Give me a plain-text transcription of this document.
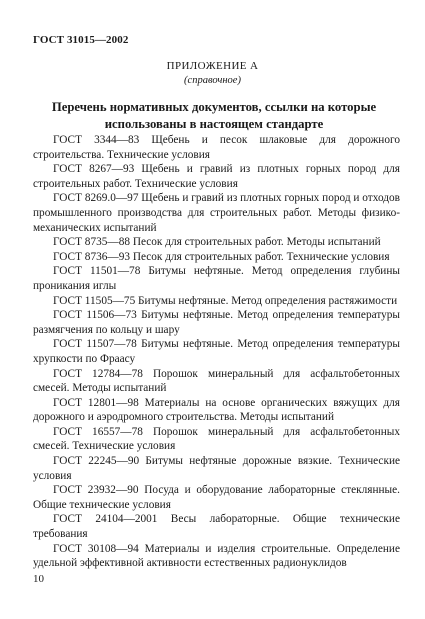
ГОСТ 31015—2002
ПРИЛОЖЕНИЕ А
(справочное)
Перечень нормативных документов, ссылки на которые использованы в настоящем стандарте

ГОСТ 3344—83 Щебень и песок шлаковые для дорожного строительства. Технические условия

ГОСТ 8267—93 Щебень и гравий из плотных горных пород для строительных работ. Технические условия

ГОСТ 8269.0—97 Щебень и гравий из плотных горных пород и отходов промышленного производства для строительных работ. Методы физико-механических испытаний

ГОСТ 8735—88 Песок для строительных работ. Методы испытаний

ГОСТ 8736—93 Песок для строительных работ. Технические условия

ГОСТ 11501—78 Битумы нефтяные. Метод определения глубины проникания иглы

ГОСТ 11505—75 Битумы нефтяные. Метод определения растяжимости

ГОСТ 11506—73 Битумы нефтяные. Метод определения температуры размягчения по кольцу и шару

ГОСТ 11507—78 Битумы нефтяные. Метод определения температуры хрупкости по Фраасу

ГОСТ 12784—78 Порошок минеральный для асфальтобетонных смесей. Методы испытаний

ГОСТ 12801—98 Материалы на основе органических вяжущих для дорожного и аэродромного строительства. Методы испытаний

ГОСТ 16557—78 Порошок минеральный для асфальтобетонных смесей. Технические условия

ГОСТ 22245—90 Битумы нефтяные дорожные вязкие. Технические условия

ГОСТ 23932—90 Посуда и оборудование лабораторные стеклянные. Общие технические условия

ГОСТ 24104—2001 Весы лабораторные. Общие технические требования

ГОСТ 30108—94 Материалы и изделия строительные. Определение удельной эффективной активности естественных радионуклидов

10
